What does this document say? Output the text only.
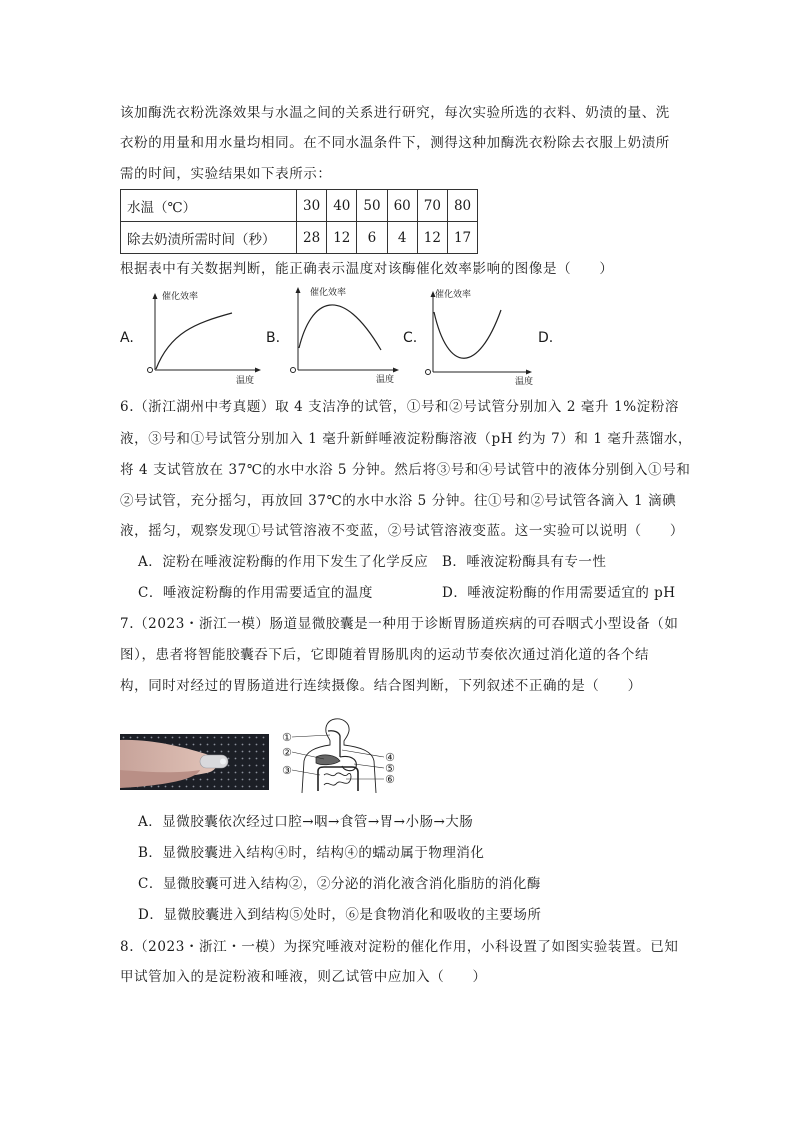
该加酶洗衣粉洗涤效果与水温之间的关系进行研究，每次实验所选的衣料、奶渍的量、洗
衣粉的用量和用水量均相同。在不同水温条件下，测得这种加酶洗衣粉除去衣服上奶渍所
需的时间，实验结果如下表所示：
水温（℃）	30	40	50	60	70	80
除去奶渍所需时间（秒）	28	12	6	4	12	17
根据表中有关数据判断，能正确表示温度对该酶催化效率影响的图像是（　　）
A.
催化效率
温度
B.
催化效率
温度
C.
催化效率
温度
D.
6.（浙江湖州中考真题）取 4 支洁净的试管，①号和②号试管分别加入 2 毫升 1%淀粉溶
液，③号和①号试管分别加入 1 毫升新鲜唾液淀粉酶溶液（pH 约为 7）和 1 毫升蒸馏水，
将 4 支试管放在 37℃的水中水浴 5 分钟。然后将③号和④号试管中的液体分别倒入①号和
②号试管，充分摇匀，再放回 37℃的水中水浴 5 分钟。往①号和②号试管各滴入 1 滴碘
液，摇匀，观察发现①号试管溶液不变蓝，②号试管溶液变蓝。这一实验可以说明（　　）
A．淀粉在唾液淀粉酶的作用下发生了化学反应 B．唾液淀粉酶具有专一性
C．唾液淀粉酶的作用需要适宜的温度	D．唾液淀粉酶的作用需要适宜的 pH
7.（2023・浙江一模）肠道显微胶囊是一种用于诊断胃肠道疾病的可吞咽式小型设备（如
图），患者将智能胶囊吞下后，它即随着胃肠肌肉的运动节奏依次通过消化道的各个结
构，同时对经过的胃肠道进行连续摄像。结合图判断，下列叙述不正确的是（　　）
①
②
③
④
⑤
⑥
A．显微胶囊依次经过口腔→咽→食管→胃→小肠→大肠
B．显微胶囊进入结构④时，结构④的蠕动属于物理消化
C．显微胶囊可进入结构②，②分泌的消化液含消化脂肪的消化酶
D．显微胶囊进入到结构⑤处时，⑥是食物消化和吸收的主要场所
8.（2023・浙江・一模）为探究唾液对淀粉的催化作用，小科设置了如图实验装置。已知
甲试管加入的是淀粉液和唾液，则乙试管中应加入（　　）
